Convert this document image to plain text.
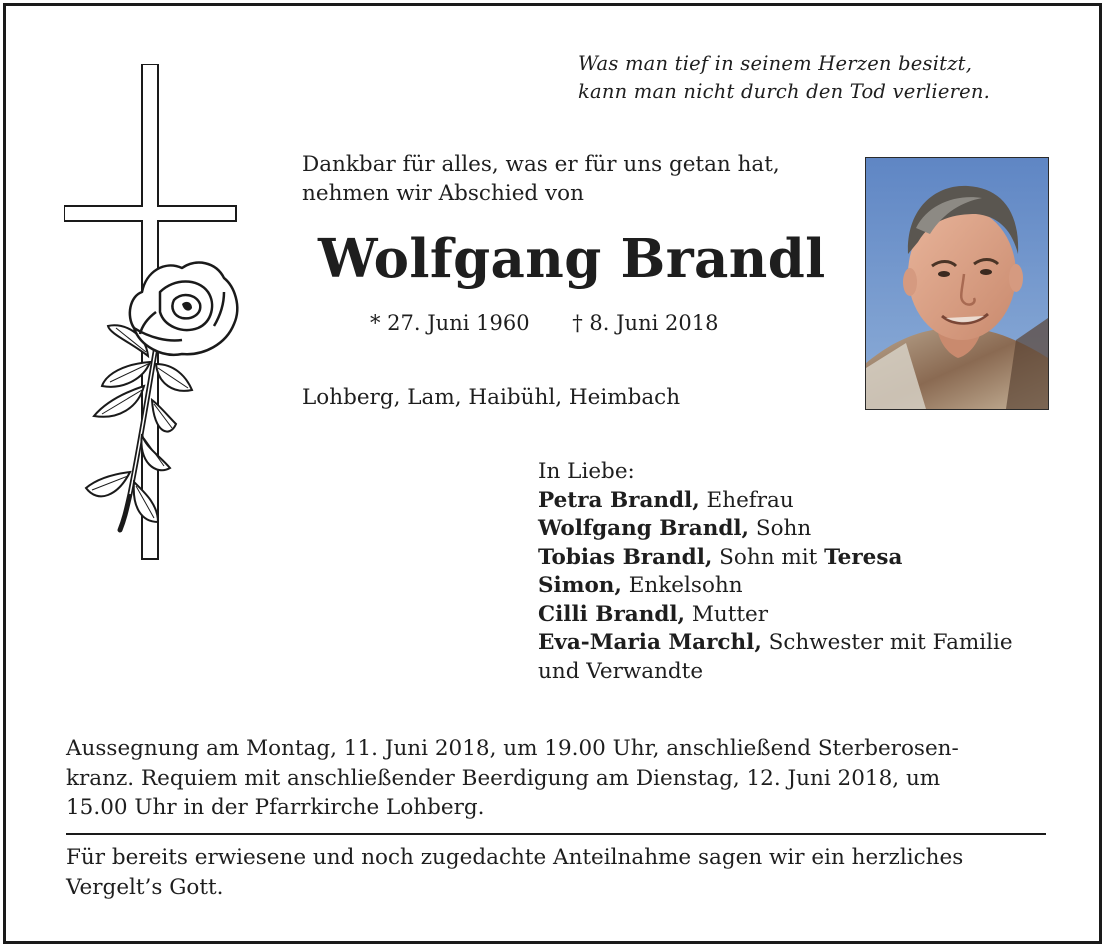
Was man tief in seinem Herzen besitzt,
kann man nicht durch den Tod verlieren.
Dankbar für alles, was er für uns getan hat,
nehmen wir Abschied von
Wolfgang Brandl
* 27. Juni 1960 † 8. Juni 2018
Lohberg, Lam, Haibühl, Heimbach
In Liebe:
Petra Brandl, Ehefrau
Wolfgang Brandl, Sohn
Tobias Brandl, Sohn mit Teresa
Simon, Enkelsohn
Cilli Brandl, Mutter
Eva-Maria Marchl, Schwester mit Familie
und Verwandte
Aussegnung am Montag, 11. Juni 2018, um 19.00 Uhr, anschließend Sterberosen-
kranz. Requiem mit anschließender Beerdigung am Dienstag, 12. Juni 2018, um
15.00 Uhr in der Pfarrkirche Lohberg.
Für bereits erwiesene und noch zugedachte Anteilnahme sagen wir ein herzliches
Vergelt’s Gott.
